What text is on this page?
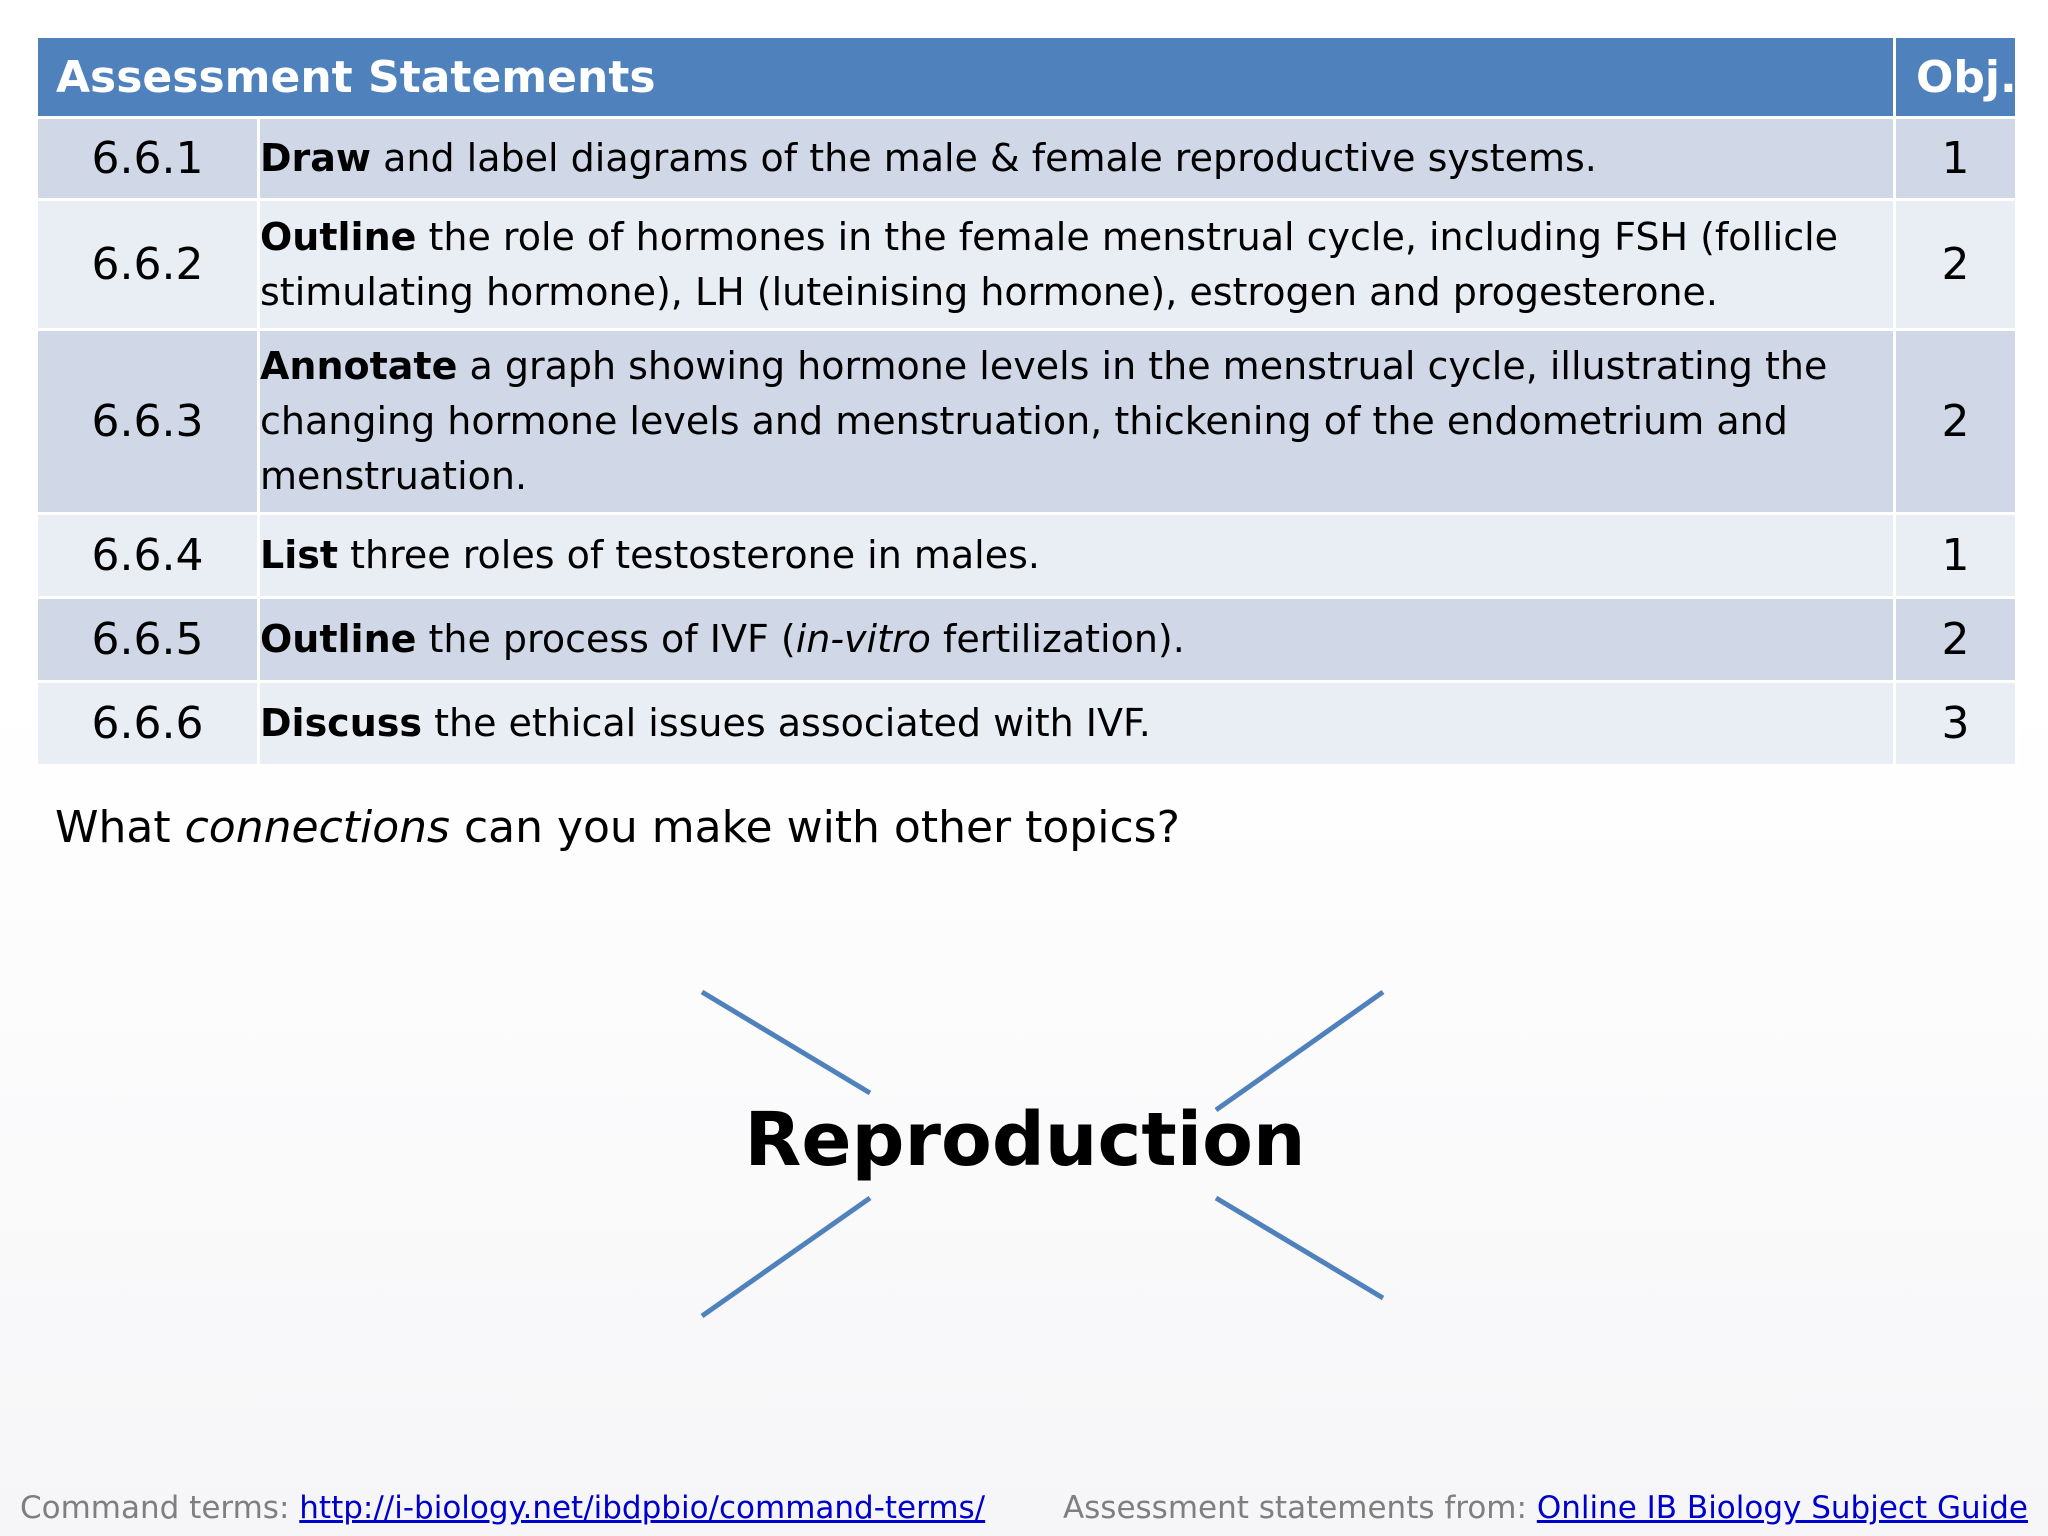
Assessment Statements		Obj.
6.6.1	Draw and label diagrams of the male & female reproductive systems.	1
6.6.2	Outline the role of hormones in the female menstrual cycle, including FSH (follicle stimulating hormone), LH (luteinising hormone), estrogen and progesterone.	2
6.6.3	Annotate a graph showing hormone levels in the menstrual cycle, illustrating the changing hormone levels and menstruation, thickening of the endometrium and menstruation.	2
6.6.4	List three roles of testosterone in males.	1
6.6.5	Outline the process of IVF (in-vitro fertilization).	2
6.6.6	Discuss the ethical issues associated with IVF.	3
What connections can you make with other topics?
Reproduction
Command terms: http://i-biology.net/ibdpbio/command-terms/	Assessment statements from: Online IB Biology Subject Guide
